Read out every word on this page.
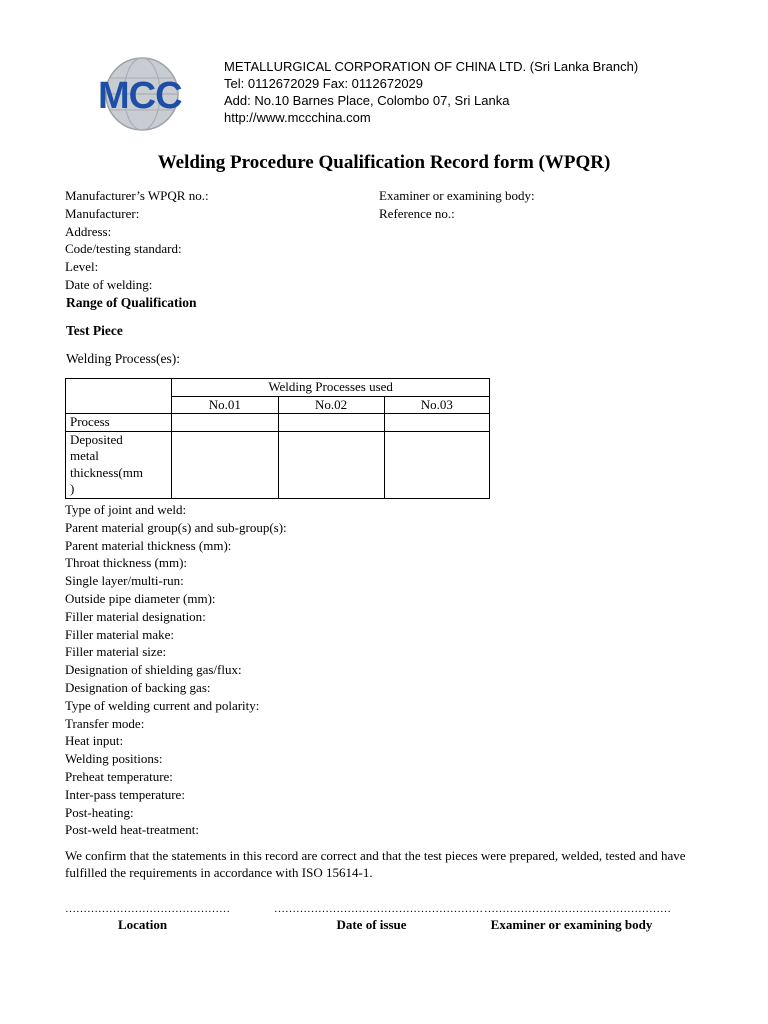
MCC
METALLURGICAL CORPORATION OF CHINA LTD. (Sri Lanka Branch)
Tel: 0112672029 Fax: 0112672029
Add: No.10 Barnes Place, Colombo 07, Sri Lanka
http://www.mccchina.com
Welding Procedure Qualification Record form (WPQR)
Manufacturer’s WPQR no.:
Manufacturer:
Address:
Code/testing standard:
Level:
Date of welding:
Examiner or examining body:
Reference no.:
Range of Qualification
Test Piece
Welding Process(es):
	Welding Processes used		
	No.01	No.02	No.03
Process			

Deposited
metal
thickness(mm
)			

Type of joint and weld:
Parent material group(s) and sub-group(s):
Parent material thickness (mm):
Throat thickness (mm):
Single layer/multi-run:
Outside pipe diameter (mm):
Filler material designation:
Filler material make:
Filler material size:
Designation of shielding gas/flux:
Designation of backing gas:
Type of welding current and polarity:
Transfer mode:
Heat input:
Welding positions:
Preheat temperature:
Inter-pass temperature:
Post-heating:
Post-weld heat-treatment:
We confirm that the statements in this record are correct and that the test pieces were prepared, welded, tested and have fulfilled the requirements in accordance with ISO 15614-1.
………………………………………
Location
…………………………………………………
Date of issue
……………………………………………
Examiner or examining body
